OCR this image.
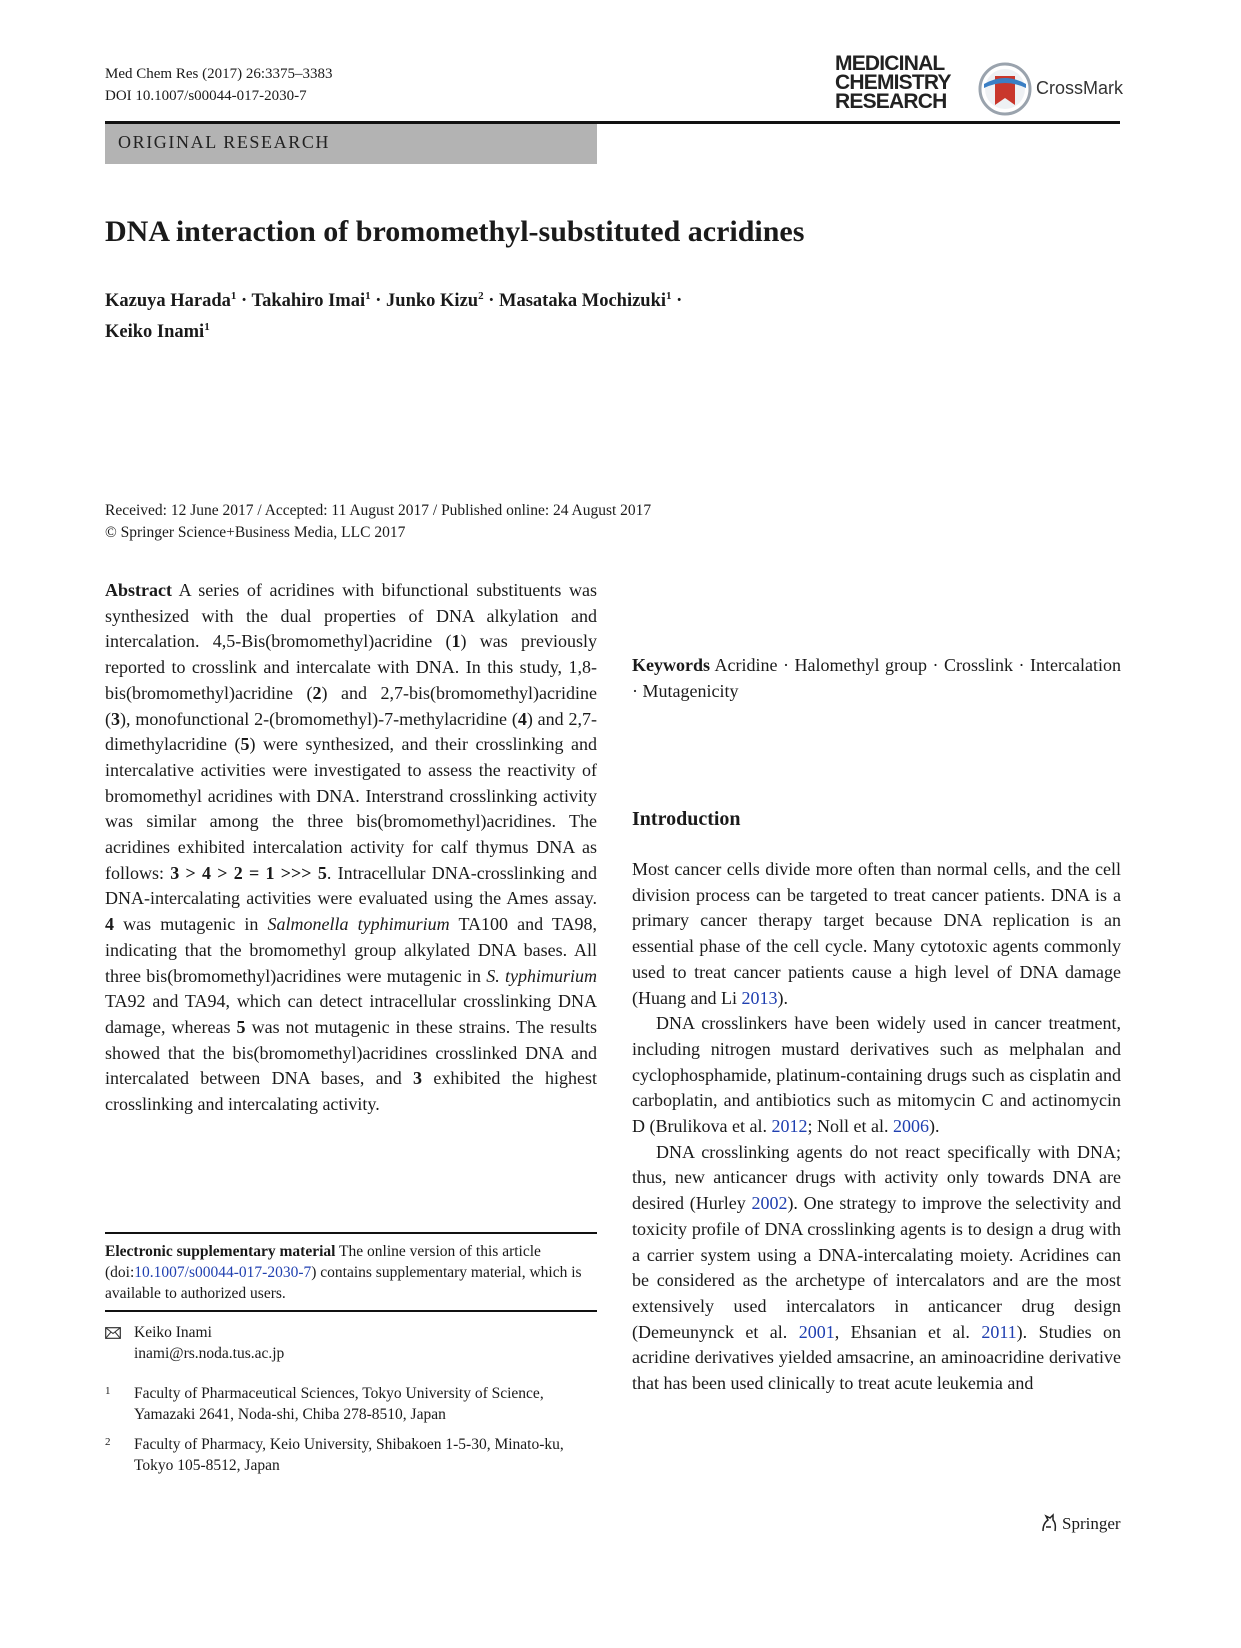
Med Chem Res (2017) 26:3375–3383
DOI 10.1007/s00044-017-2030-7
MEDICINAL
CHEMISTRY
RESEARCH
CrossMark
ORIGINAL RESEARCH
DNA interaction of bromomethyl-substituted acridines
Kazuya Harada$^1$ · Takahiro Imai$^1$ · Junko Kizu$^2$ · Masataka Mochizuki$^1$ ·
Keiko Inami$^1$
Received: 12 June 2017 / Accepted: 11 August 2017 / Published online: 24 August 2017
© Springer Science+Business Media, LLC 2017

Abstract A series of acridines with bifunctional substituents was synthesized with the dual properties of DNA alkylation and intercalation. 4,5-Bis(bromomethyl)acridine (1) was previously reported to crosslink and intercalate with DNA. In this study, 1,8-bis(bromomethyl)acridine (2) and 2,7-bis(bromomethyl)acridine (3), monofunctional 2-(bromomethyl)-7-methylacridine (4) and 2,7-dimethylacridine (5) were synthesized, and their crosslinking and intercalative activities were investigated to assess the reactivity of bromomethyl acridines with DNA. Interstrand crosslinking activity was similar among the three bis(bromomethyl)acridines. The acridines exhibited intercalation activity for calf thymus DNA as follows: 3 > 4 > 2 = 1 >>> 5. Intracellular DNA-crosslinking and DNA-intercalating activities were evaluated using the Ames assay. 4 was mutagenic in Salmonella typhimurium TA100 and TA98, indicating that the bromomethyl group alkylated DNA bases. All three bis(bromomethyl)acridines were mutagenic in S. typhimurium TA92 and TA94, which can detect intracellular crosslinking DNA damage, whereas 5 was not mutagenic in these strains. The results showed that the bis(bromomethyl)acridines crosslinked DNA and intercalated between DNA bases, and 3 exhibited the highest crosslinking and intercalating activity.

Keywords Acridine · Halomethyl group · Crosslink · Intercalation · Mutagenicity

Introduction

Most cancer cells divide more often than normal cells, and the cell division process can be targeted to treat cancer patients. DNA is a primary cancer therapy target because DNA replication is an essential phase of the cell cycle. Many cytotoxic agents commonly used to treat cancer patients cause a high level of DNA damage (Huang and Li 2013).

DNA crosslinkers have been widely used in cancer treatment, including nitrogen mustard derivatives such as melphalan and cyclophosphamide, platinum-containing drugs such as cisplatin and carboplatin, and antibiotics such as mitomycin C and actinomycin D (Brulikova et al. 2012; Noll et al. 2006).

DNA crosslinking agents do not react specifically with DNA; thus, new anticancer drugs with activity only towards DNA are desired (Hurley 2002). One strategy to improve the selectivity and toxicity profile of DNA crosslinking agents is to design a drug with a carrier system using a DNA-intercalating moiety. Acridines can be considered as the archetype of intercalators and are the most extensively used intercalators in anticancer drug design (Demeunynck et al. 2001, Ehsanian et al. 2011). Studies on acridine derivatives yielded amsacrine, an aminoacridine derivative that has been used clinically to treat acute leukemia and

Electronic supplementary material The online version of this article (doi:10.1007/s00044-017-2030-7) contains supplementary material, which is available to authorized users.
Keiko Inami
inami@rs.noda.tus.ac.jp
1 Faculty of Pharmaceutical Sciences, Tokyo University of Science, Yamazaki 2641, Noda-shi, Chiba 278-8510, Japan
2 Faculty of Pharmacy, Keio University, Shibakoen 1-5-30, Minato-ku, Tokyo 105-8512, Japan
Springer
